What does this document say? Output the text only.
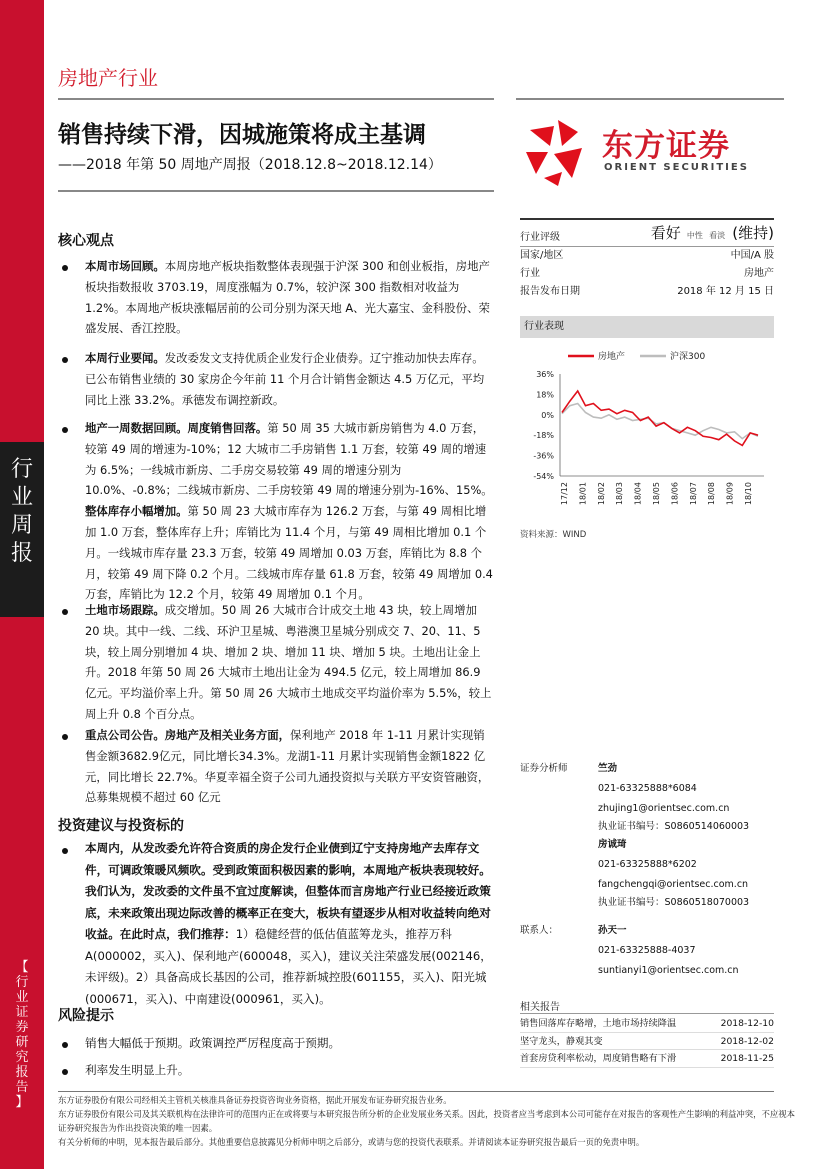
行业周报
【行业 证券研究报告】
房地产行业
销售持续下滑，因城施策将成主基调
——2018 年第 50 周地产周报（2018.12.8~2018.12.14）
东方证券
ORIENT SECURITIES
核心观点
本周市场回顾。本周房地产板块指数整体表现强于沪深 300 和创业板指，房地产板块指数报收 3703.19，周度涨幅为 0.7%，较沪深 300 指数相对收益为 1.2%。本周地产板块涨幅居前的公司分别为深天地 A、光大嘉宝、金科股份、荣盛发展、香江控股。
本周行业要闻。发改委发文支持优质企业发行企业债券。辽宁推动加快去库存。已公布销售业绩的 30 家房企今年前 11 个月合计销售金额达 4.5 万亿元，平均同比上涨 33.2%。承德发布调控新政。
地产一周数据回顾。周度销售回落。第 50 周 35 大城市新房销售为 4.0 万套，较第 49 周的增速为-10%；12 大城市二手房销售 1.1 万套，较第 49 周的增速为 6.5%；一线城市新房、二手房交易较第 49 周的增速分别为 10.0%、-0.8%；二线城市新房、二手房较第 49 周的增速分别为-16%、15%。整体库存小幅增加。第 50 周 23 大城市库存为 126.2 万套，与第 49 周相比增加 1.0 万套，整体库存上升；库销比为 11.4 个月，与第 49 周相比增加 0.1 个月。一线城市库存量 23.3 万套，较第 49 周增加 0.03 万套，库销比为 8.8 个月，较第 49 周下降 0.2 个月。二线城市库存量 61.8 万套，较第 49 周增加 0.4 万套，库销比为 12.2 个月，较第 49 周增加 0.1 个月。
土地市场跟踪。成交增加。50 周 26 大城市合计成交土地 43 块，较上周增加 20 块。其中一线、二线、环沪卫星城、粤港澳卫星城分别成交 7、20、11、5 块，较上周分别增加 4 块、增加 2 块、增加 11 块、增加 5 块。土地出让金上升。2018 年第 50 周 26 大城市土地出让金为 494.5 亿元，较上周增加 86.9 亿元。平均溢价率上升。第 50 周 26 大城市土地成交平均溢价率为 5.5%，较上周上升 0.8 个百分点。
重点公司公告。房地产及相关业务方面，保利地产 2018 年 1-11 月累计实现销售金额3682.9亿元，同比增长34.3%。龙湖1-11 月累计实现销售金额1822 亿元，同比增长 22.7%。华夏幸福全资子公司九通投资拟与关联方平安资管融资，总募集规模不超过 60 亿元
投资建议与投资标的
本周内，从发改委允许符合资质的房企发行企业债到辽宁支持房地产去库存文件，可调政策暖风频吹。受到政策面积极因素的影响，本周地产板块表现较好。我们认为，发改委的文件虽不宜过度解读，但整体而言房地产行业已经接近政策底，未来政策出现边际改善的概率正在变大，板块有望逐步从相对收益转向绝对收益。在此时点，我们推荐：1）稳健经营的低估值蓝筹龙头，推荐万科 A(000002，买入)、保利地产(600048，买入)，建议关注荣盛发展(002146，未评级)。2）具备高成长基因的公司，推荐新城控股(601155，买入)、阳光城(000671，买入)、中南建设(000961，买入)。
风险提示
销售大幅低于预期。政策调控严厉程度高于预期。
利率发生明显上升。
行业评级	看好 中性 看淡 (维持)
国家/地区	中国/A 股
行业	房地产
报告发布日期	2018 年 12 月 15 日
行业表现
房地产	沪深300
36%
18%
0%
-18%
-36%
-54%
17/12 18/01 18/02 18/03 18/04 18/05 18/06 18/07 18/08 18/09 18/10
资料来源：WIND
证券分析师	竺劲
021-63325888*6084
zhujing1@orientsec.com.cn
执业证书编号：S0860514060003
房诚琦
021-63325888*6202
fangchengqi@orientsec.com.cn
执业证书编号：S0860518070003
联系人：	孙天一
021-63325888-4037
suntianyi1@orientsec.com.cn
相关报告
销售回落库存略增，土地市场持续降温	2018-12-10
坚守龙头，静观其变	2018-12-02
首套房贷利率松动，周度销售略有下滑	2018-11-25
东方证券股份有限公司经相关主管机关核准具备证券投资咨询业务资格，据此开展发布证券研究报告业务。
东方证券股份有限公司及其关联机构在法律许可的范围内正在或将要与本研究报告所分析的企业发展业务关系。因此，投资者应当考虑到本公司可能存在对报告的客观性产生影响的利益冲突，不应视本证券研究报告为作出投资决策的唯一因素。
有关分析师的申明，见本报告最后部分。其他重要信息披露见分析师申明之后部分，或请与您的投资代表联系。并请阅读本证券研究报告最后一页的免责申明。
